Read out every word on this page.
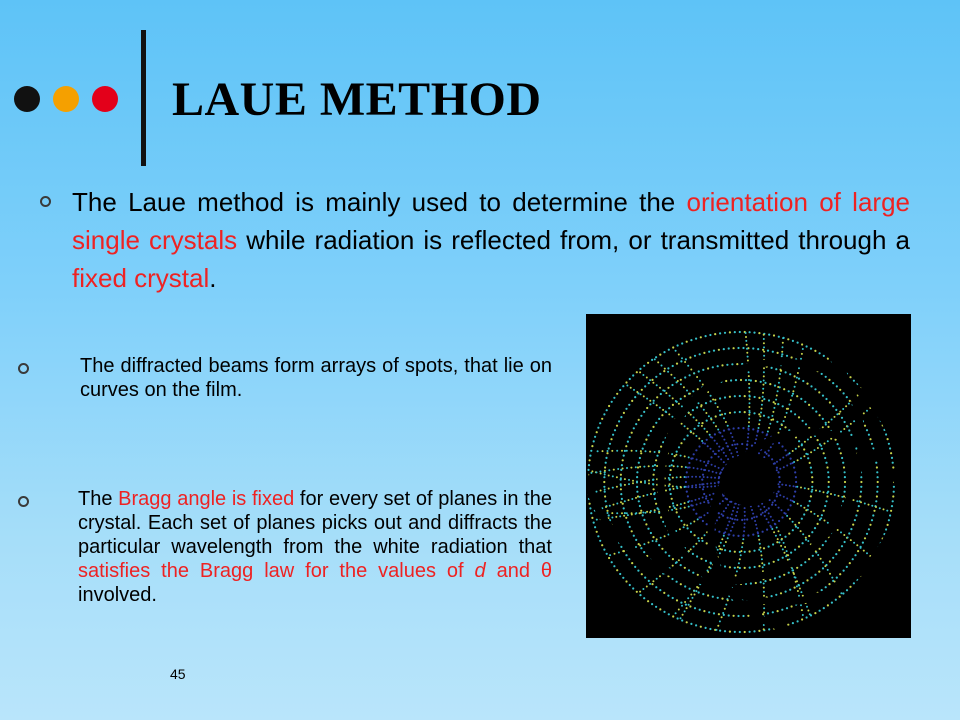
LAUE METHOD

The Laue method is mainly used to determine the orientation of large single crystals while radiation is reflected from, or transmitted through a fixed crystal.

The diffracted beams form arrays of spots, that lie on curves on the film.

The Bragg angle is fixed for every set of planes in the crystal. Each set of planes picks out and diffracts the particular wavelength from the white radiation that satisfies the Bragg law for the values of d and θ involved.

45
